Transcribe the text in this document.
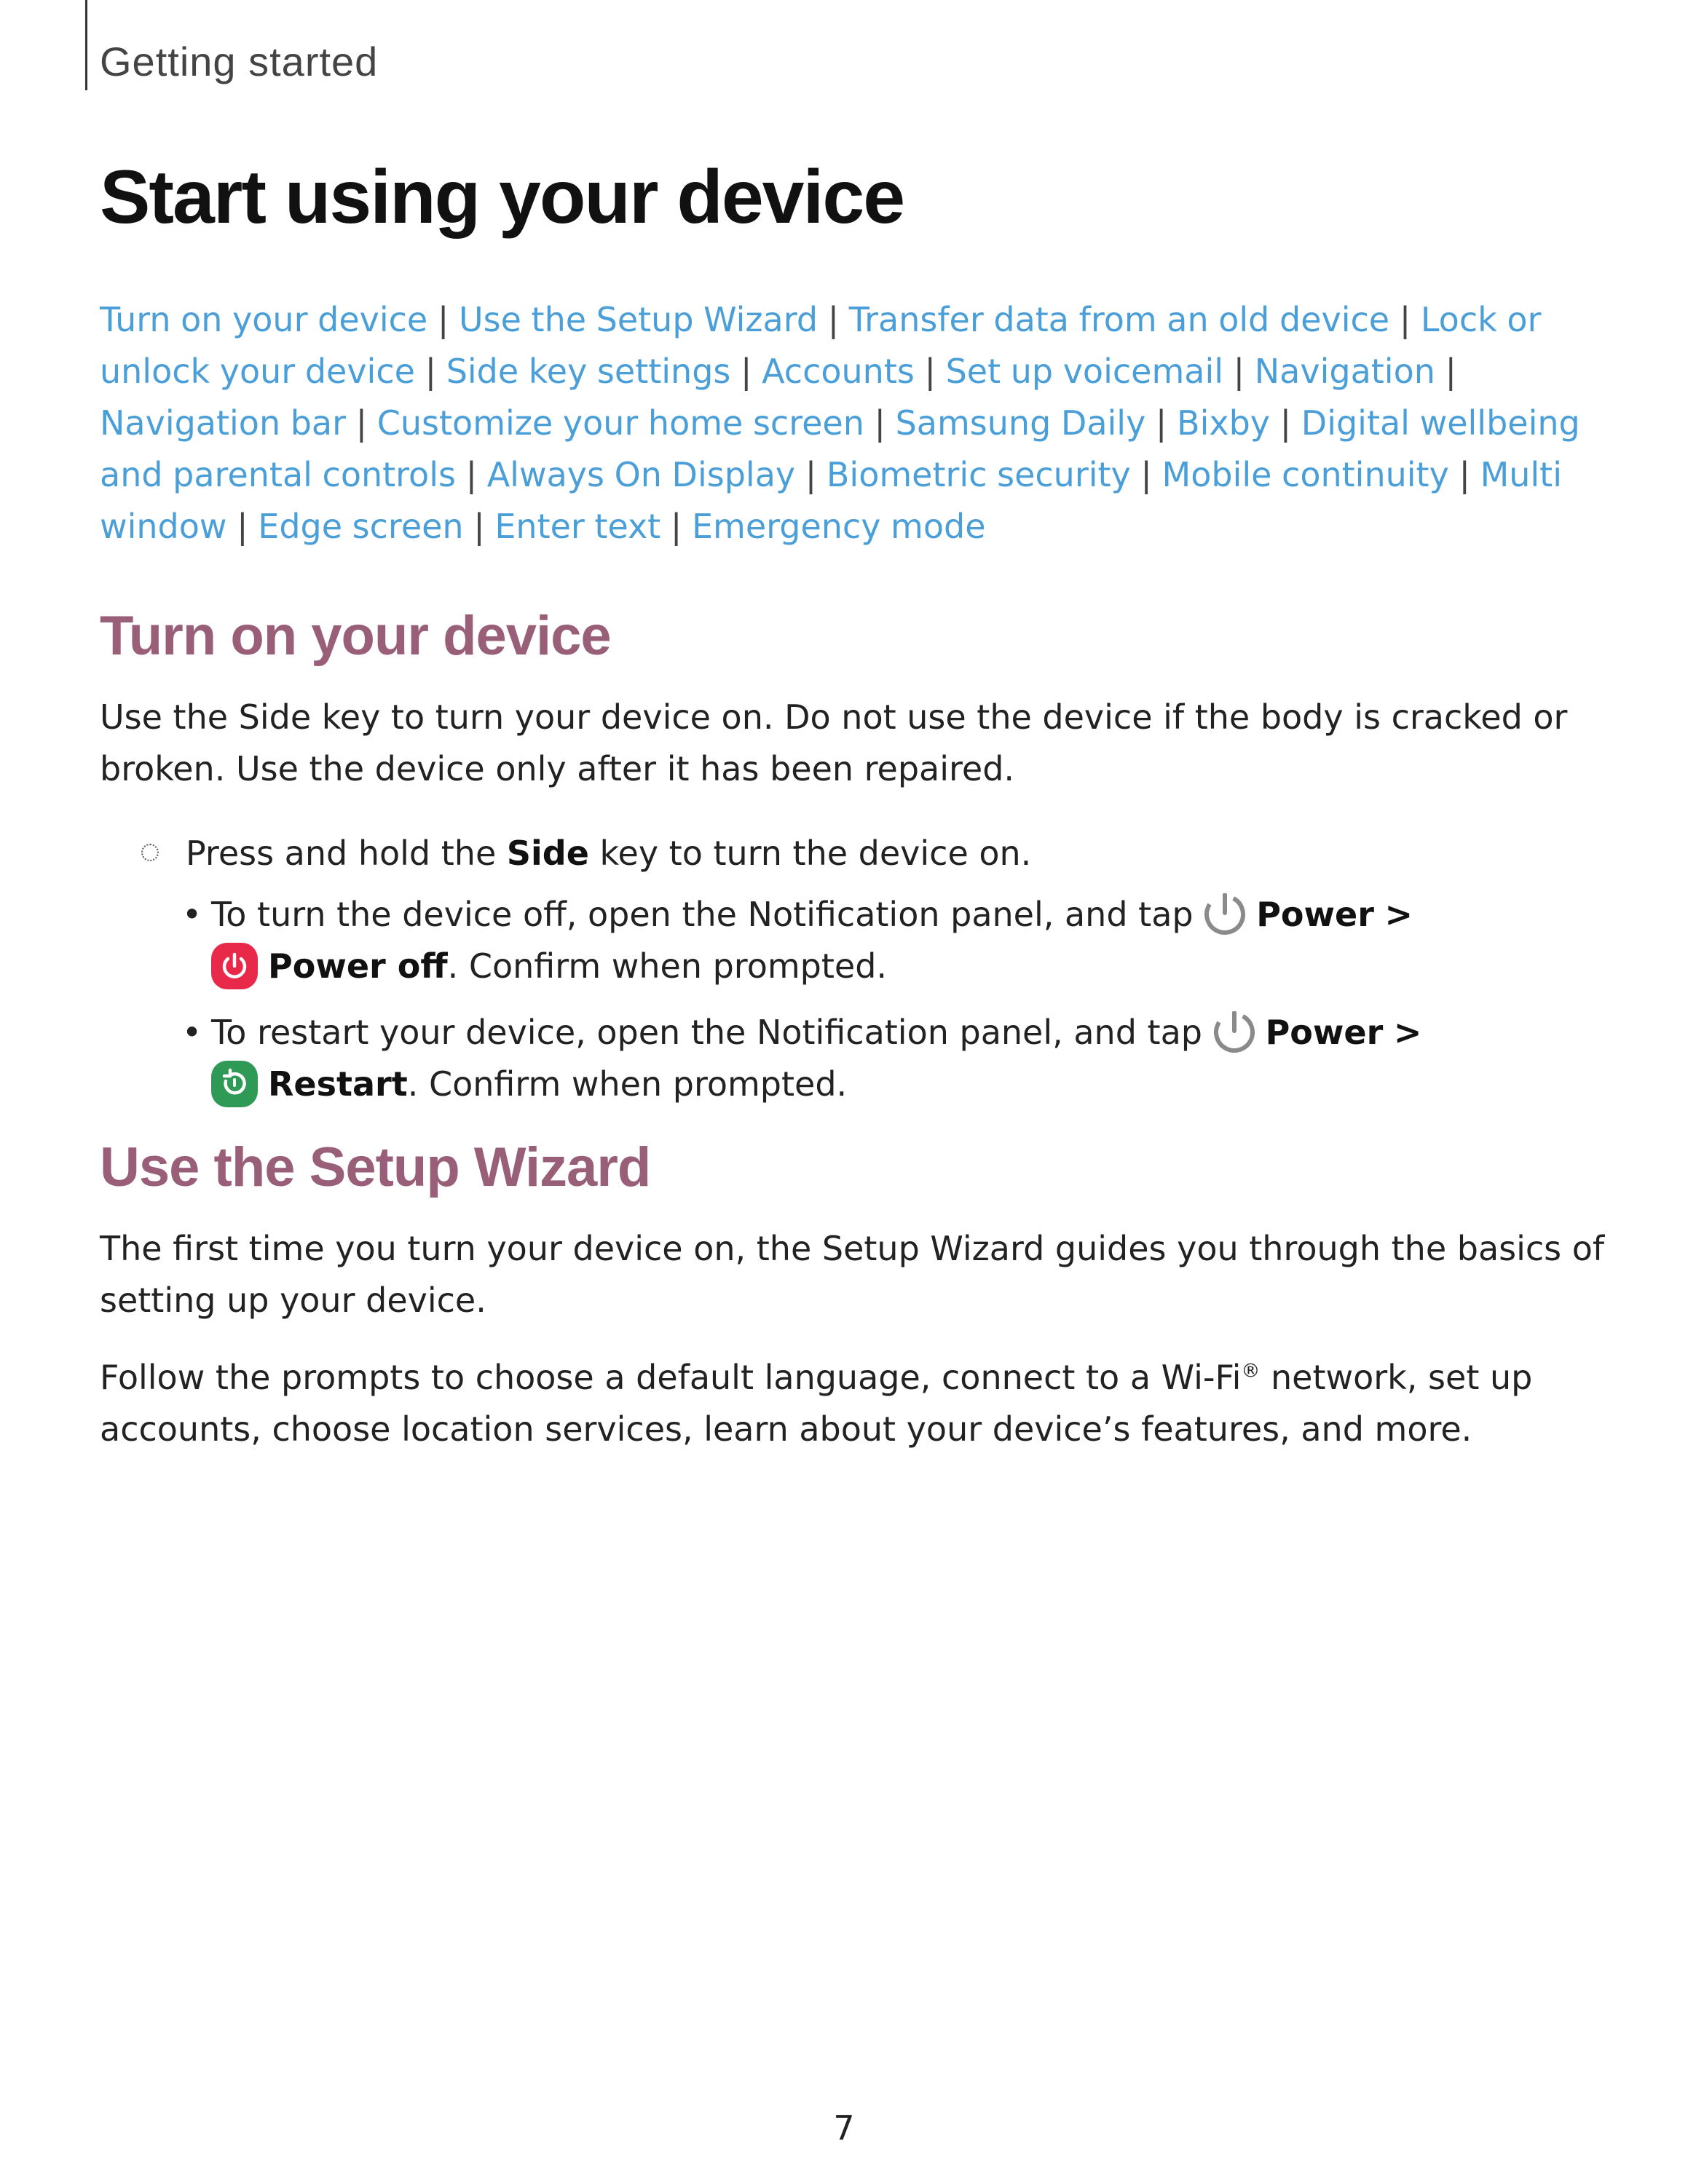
Getting started
Start using your device
Turn on your device | Use the Setup Wizard | Transfer data from an old device | Lock or unlock your device | Side key settings | Accounts | Set up voicemail | Navigation | Navigation bar | Customize your home screen | Samsung Daily | Bixby | Digital wellbeing and parental controls | Always On Display | Biometric security | Mobile continuity | Multi window | Edge screen | Enter text | Emergency mode
Turn on your device

Use the Side key to turn your device on. Do not use the device if the body is cracked or broken. Use the device only after it has been repaired.

Press and hold the Side key to turn the device on.
• To turn the device off, open the Notification panel, and tap
Power >
Power off. Confirm when prompted.
• To restart your device, open the Notification panel, and tap
Power >
Restart. Confirm when prompted.
Use the Setup Wizard

The first time you turn your device on, the Setup Wizard guides you through the basics of setting up your device.

Follow the prompts to choose a default language, connect to a Wi-Fi® network, set up accounts, choose location services, learn about your device’s features, and more.

7
